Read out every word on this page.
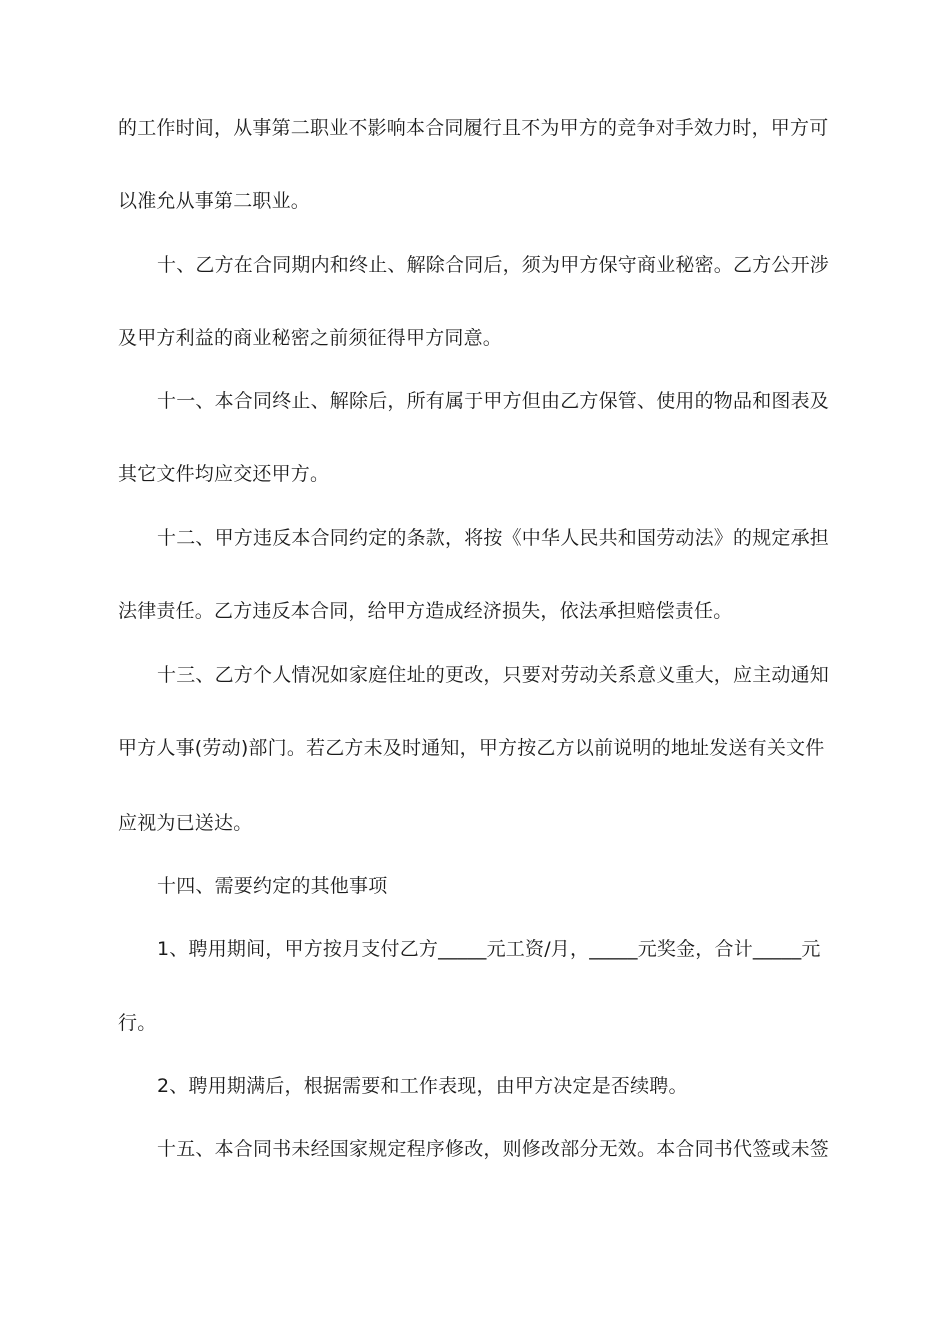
的工作时间，从事第二职业不影响本合同履行且不为甲方的竞争对手效力时，甲方可
以准允从事第二职业。
十、乙方在合同期内和终止、解除合同后，须为甲方保守商业秘密。乙方公开涉
及甲方利益的商业秘密之前须征得甲方同意。
十一、本合同终止、解除后，所有属于甲方但由乙方保管、使用的物品和图表及
其它文件均应交还甲方。
十二、甲方违反本合同约定的条款，将按《中华人民共和国劳动法》的规定承担
法律责任。乙方违反本合同，给甲方造成经济损失，依法承担赔偿责任。
十三、乙方个人情况如家庭住址的更改，只要对劳动关系意义重大，应主动通知
甲方人事(劳动)部门。若乙方未及时通知，甲方按乙方以前说明的地址发送有关文件
应视为已送达。
十四、需要约定的其他事项
1、聘用期间，甲方按月支付乙方_____元工资/月，_____元奖金，合计_____元
行。
2、聘用期满后，根据需要和工作表现，由甲方决定是否续聘。
十五、本合同书未经国家规定程序修改，则修改部分无效。本合同书代签或未签
